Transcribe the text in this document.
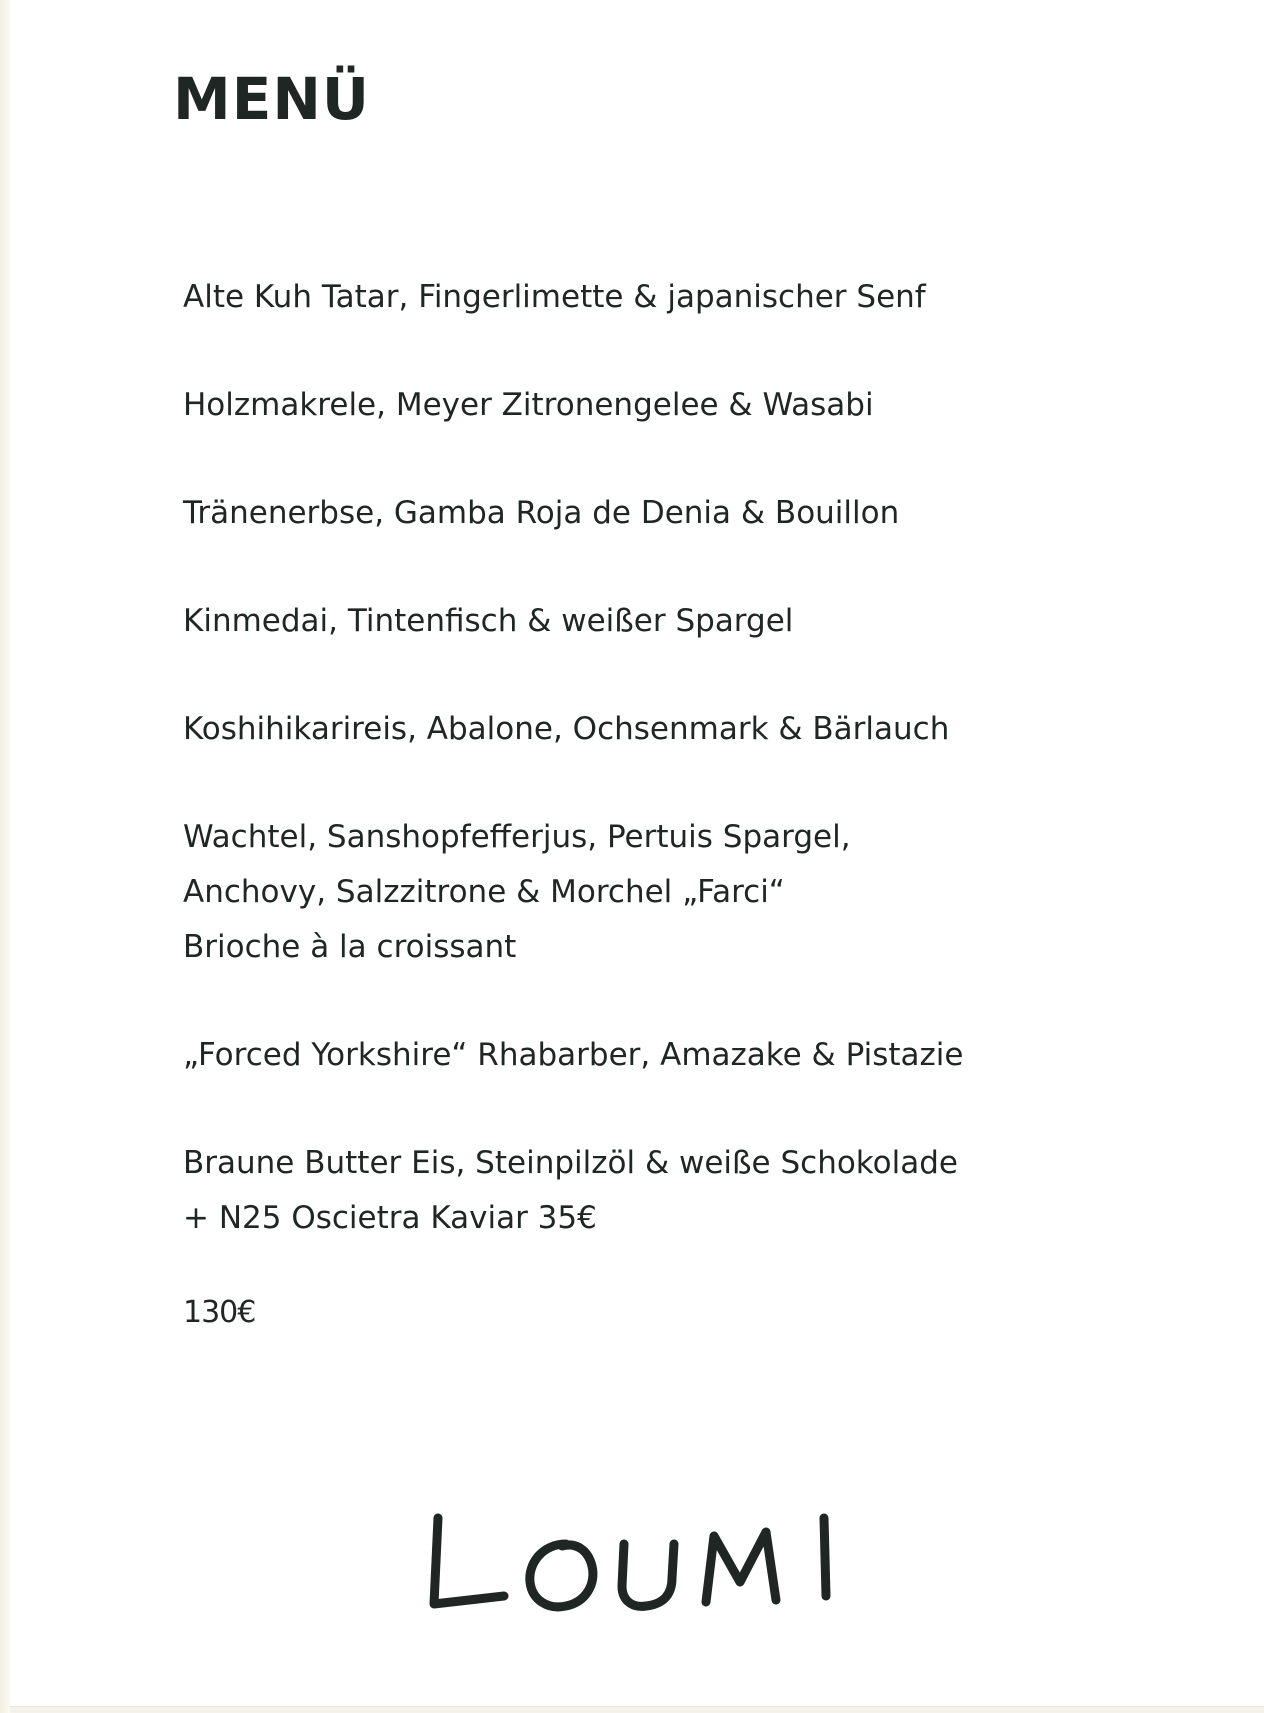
MENÜ
Alte Kuh Tatar, Fingerlimette & japanischer Senf
Holzmakrele, Meyer Zitronengelee & Wasabi
Tränenerbse, Gamba Roja de Denia & Bouillon
Kinmedai, Tintenfisch & weißer Spargel
Koshihikarireis, Abalone, Ochsenmark & Bärlauch
Wachtel, Sanshopfefferjus, Pertuis Spargel,
Anchovy, Salzzitrone & Morchel „Farci“
Brioche à la croissant
„Forced Yorkshire“ Rhabarber, Amazake & Pistazie
Braune Butter Eis, Steinpilzöl & weiße Schokolade
+ N25 Oscietra Kaviar 35€

130€
